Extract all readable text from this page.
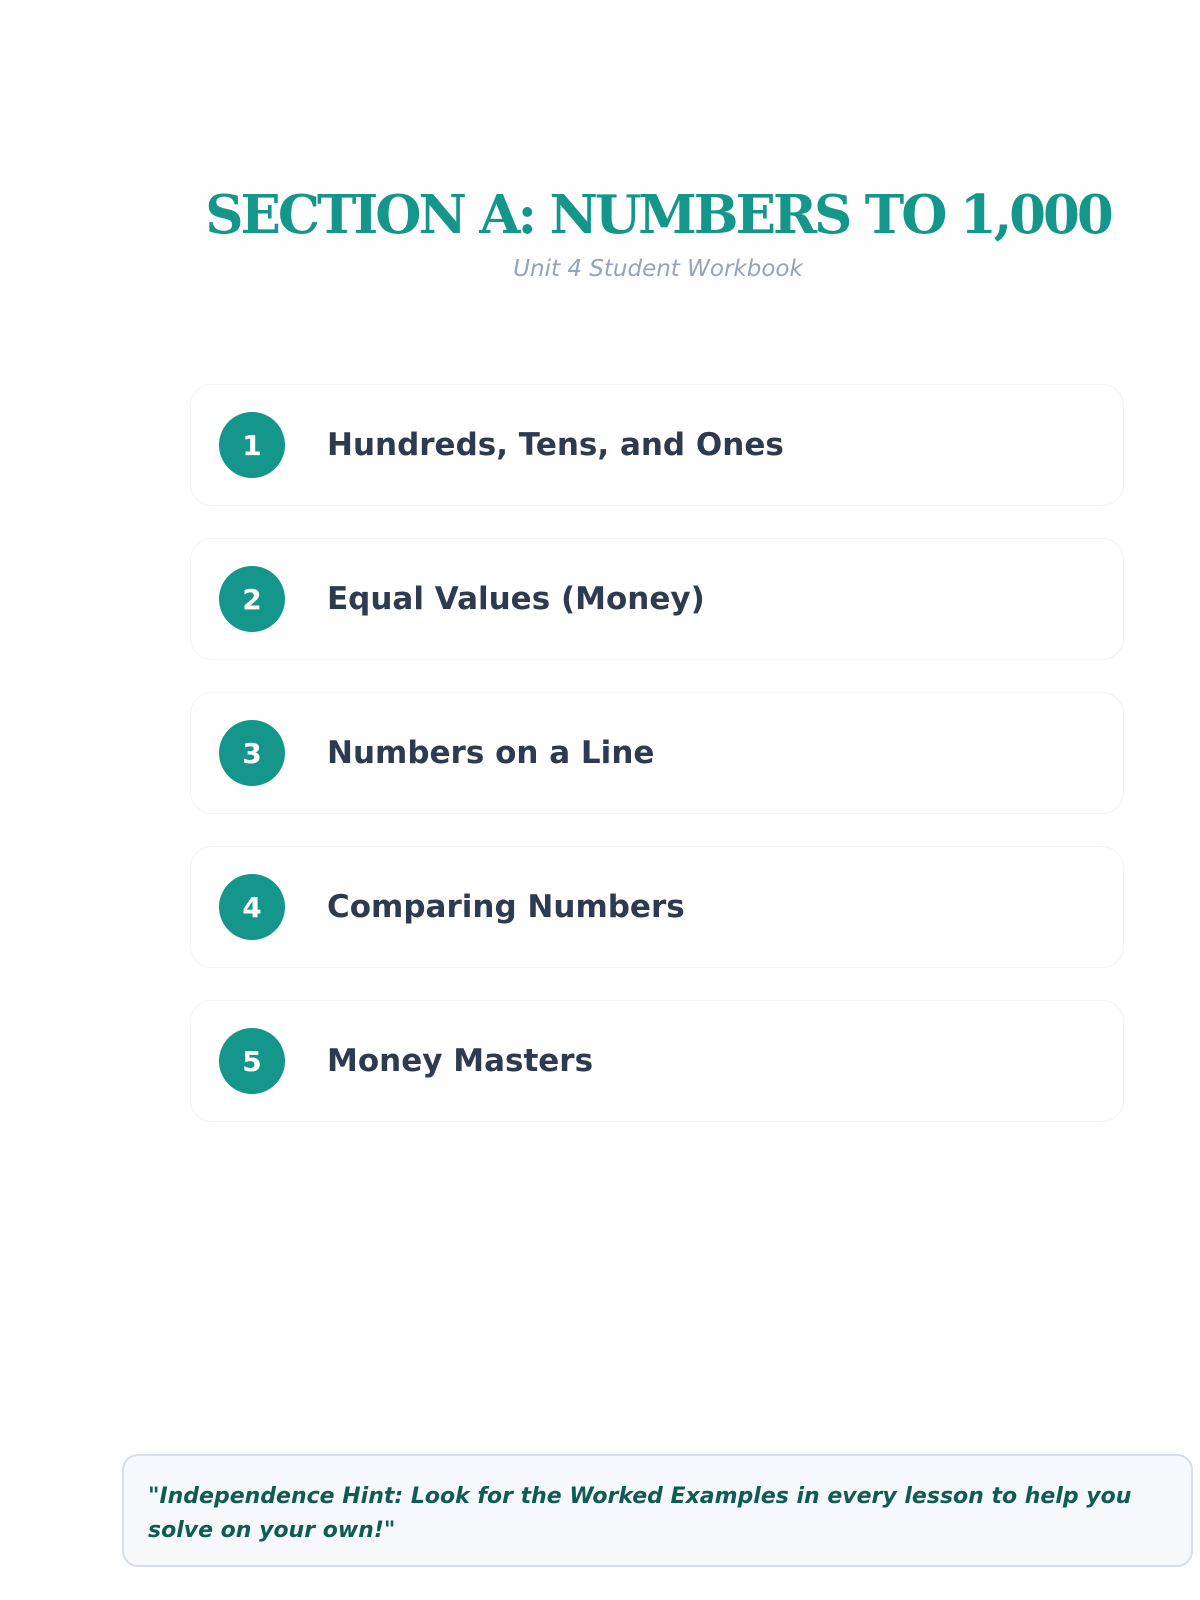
SECTION A: NUMBERS TO 1,000
Unit 4 Student Workbook
1	Hundreds, Tens, and Ones
2	Equal Values (Money)
3	Numbers on a Line
4	Comparing Numbers
5	Money Masters
"Independence Hint: Look for the Worked Examples in every lesson to help you solve on your own!"
